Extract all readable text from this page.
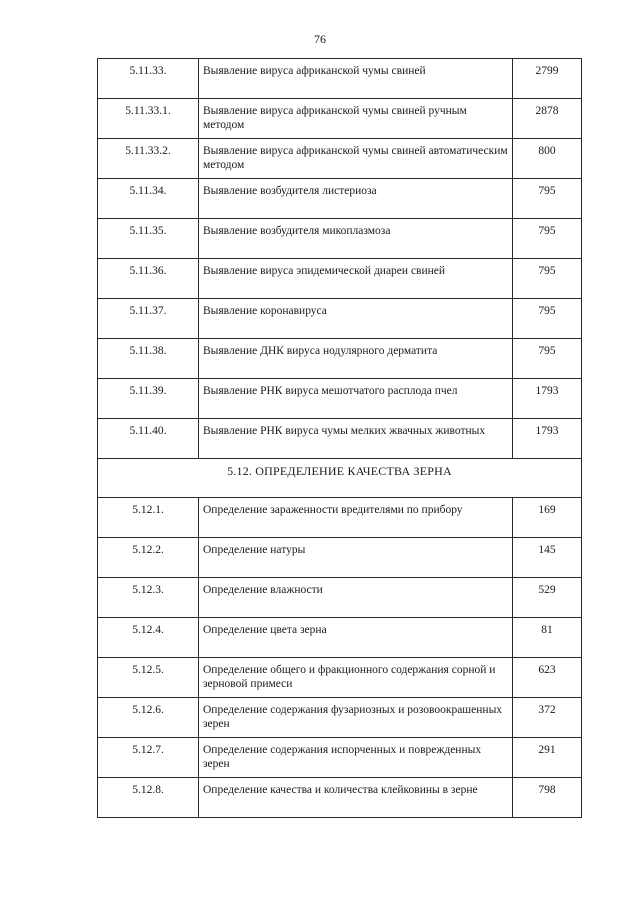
76
5.11.33.	Выявление вируса африканской чумы свиней	2799
5.11.33.1.	Выявление вируса африканской чумы свиней ручным методом	2878
5.11.33.2.	Выявление вируса африканской чумы свиней автоматическим методом	800
5.11.34.	Выявление возбудителя листериоза	795
5.11.35.	Выявление возбудителя микоплазмоза	795
5.11.36.	Выявление вируса эпидемической диареи свиней	795
5.11.37.	Выявление коронавируса	795
5.11.38.	Выявление ДНК вируса нодулярного дерматита	795
5.11.39.	Выявление РНК вируса мешотчатого расплода пчел	1793
5.11.40.	Выявление РНК вируса чумы мелких жвачных животных	1793
5.12. ОПРЕДЕЛЕНИЕ КАЧЕСТВА ЗЕРНА		
5.12.1.	Определение зараженности вредителями по прибору	169
5.12.2.	Определение натуры	145
5.12.3.	Определение влажности	529
5.12.4.	Определение цвета зерна	81
5.12.5.	Определение общего и фракционного содержания сорной и зерновой примеси	623
5.12.6.	Определение содержания фузариозных и розовоокрашенных зерен	372
5.12.7.	Определение содержания испорченных и поврежденных зерен	291
5.12.8.	Определение качества и количества клейковины в зерне	798
